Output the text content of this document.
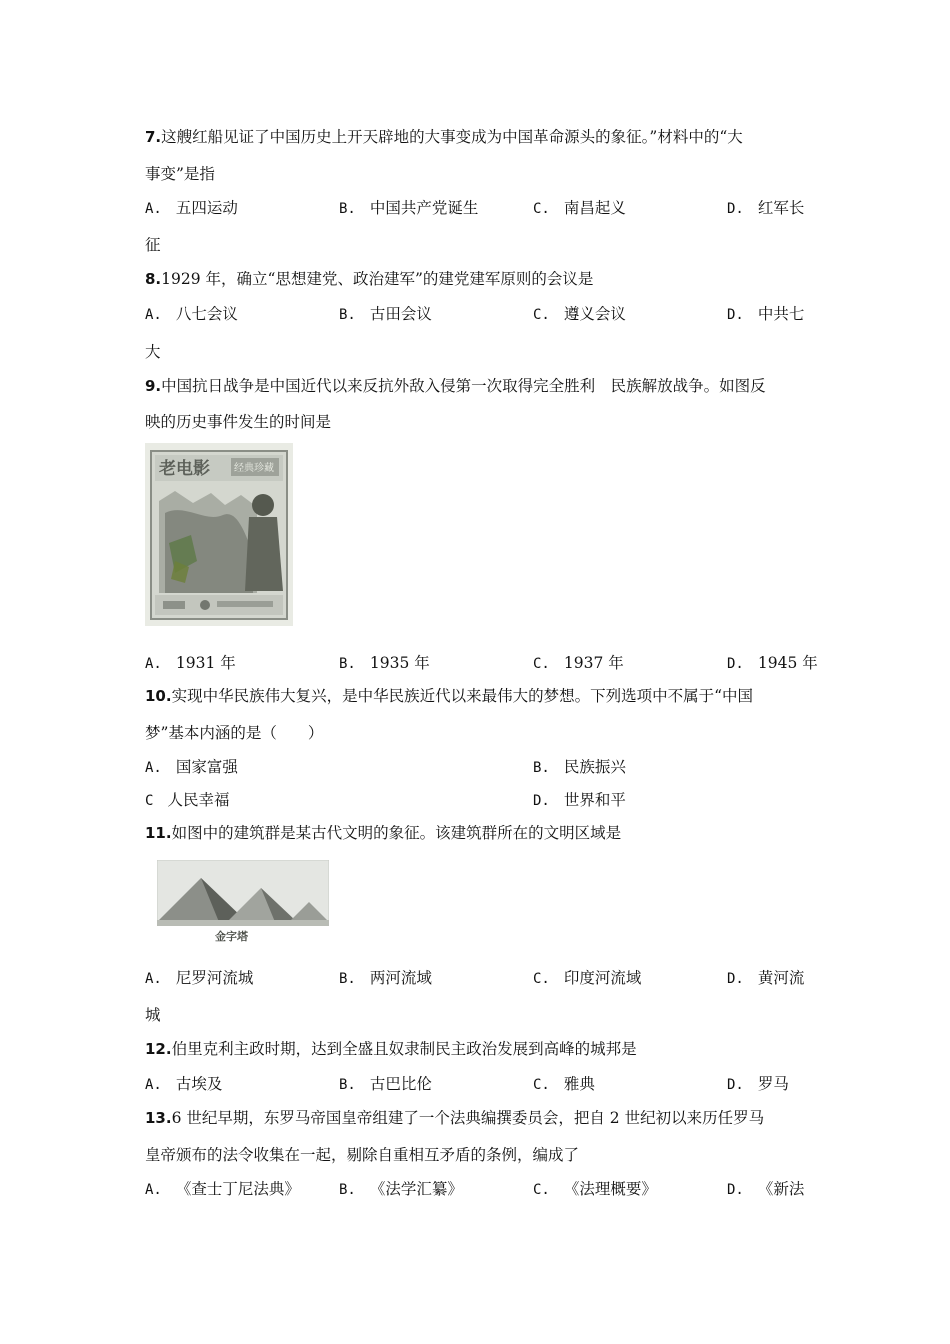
7.这艘红船见证了中国历史上开天辟地的大事变成为中国革命源头的象征。”材料中的“大
事变”是指
A. 五四运动	B. 中国共产党诞生	C. 南昌起义	D. 红军长
征
8.1929 年，确立“思想建党、政治建军”的建党建军原则的会议是
A. 八七会议	B. 古田会议	C. 遵义会议	D. 中共七
大
9.中国抗日战争是中国近代以来反抗外敌入侵第一次取得完全胜利　民族解放战争。如图反
映的历史事件发生的时间是
老电影 经典珍藏
A. 1931 年	B. 1935 年	C. 1937 年	D. 1945 年
10.实现中华民族伟大复兴，是中华民族近代以来最伟大的梦想。下列选项中不属于“中国
梦”基本内涵的是（　　）
A. 国家富强	B. 民族振兴
C 人民幸福	D. 世界和平
11.如图中的建筑群是某古代文明的象征。该建筑群所在的文明区域是
金字塔
A. 尼罗河流城	B. 两河流域	C. 印度河流域	D. 黄河流
城
12.伯里克利主政时期，达到全盛且奴隶制民主政治发展到高峰的城邦是
A. 古埃及	B. 古巴比伦	C. 雅典	D. 罗马
13.6 世纪早期，东罗马帝国皇帝组建了一个法典编撰委员会，把自 2 世纪初以来历任罗马
皇帝颁布的法令收集在一起，剔除自重相互矛盾的条例，编成了
A. 《查士丁尼法典》	B. 《法学汇纂》	C. 《法理概要》	D. 《新法
